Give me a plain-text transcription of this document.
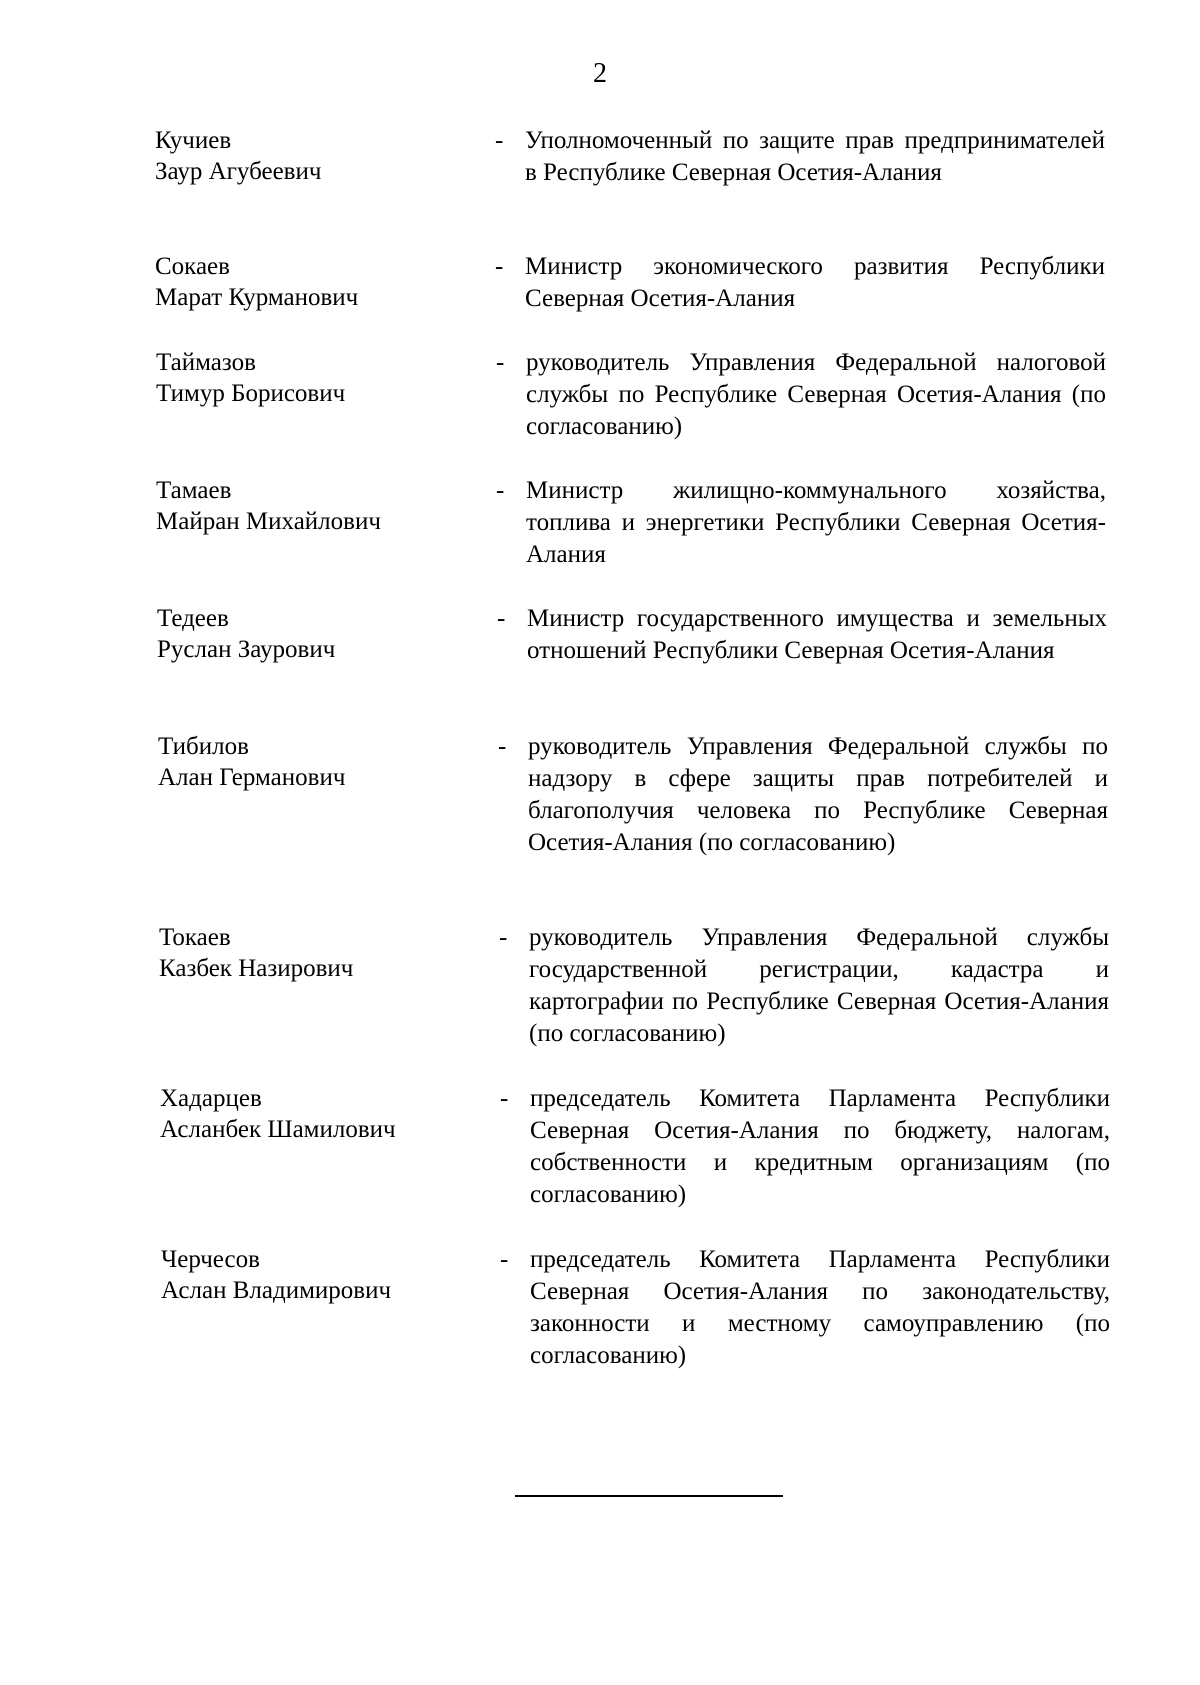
2
Кучиев
Заур Агубеевич
- Уполномоченный по защите прав предпринимателей в Республике Северная Осетия-Алания
Сокаев
Марат Курманович
- Министр экономического развития Республики Северная Осетия-Алания
Таймазов
Тимур Борисович
- руководитель Управления Федеральной налоговой службы по Республике Северная Осетия-Алания (по согласованию)
Тамаев
Майран Михайлович
- Министр жилищно-коммунального хозяйства, топлива и энергетики Республики Северная Осетия-Алания
Тедеев
Руслан Заурович
- Министр государственного имущества и земельных отношений Республики Северная Осетия-Алания
Тибилов
Алан Германович
- руководитель Управления Федеральной службы по надзору в сфере защиты прав потребителей и благополучия человека по Республике Северная Осетия-Алания (по согласованию)
Токаев
Казбек Назирович
- руководитель Управления Федеральной службы государственной регистрации, кадастра и картографии по Республике Северная Осетия-Алания (по согласованию)
Хадарцев
Асланбек Шамилович
- председатель Комитета Парламента Республики Северная Осетия-Алания по бюджету, налогам, собственности и кредитным организациям (по согласованию)
Черчесов
Аслан Владимирович
- председатель Комитета Парламента Республики Северная Осетия-Алания по законодательству, законности и местному самоуправлению (по согласованию)
